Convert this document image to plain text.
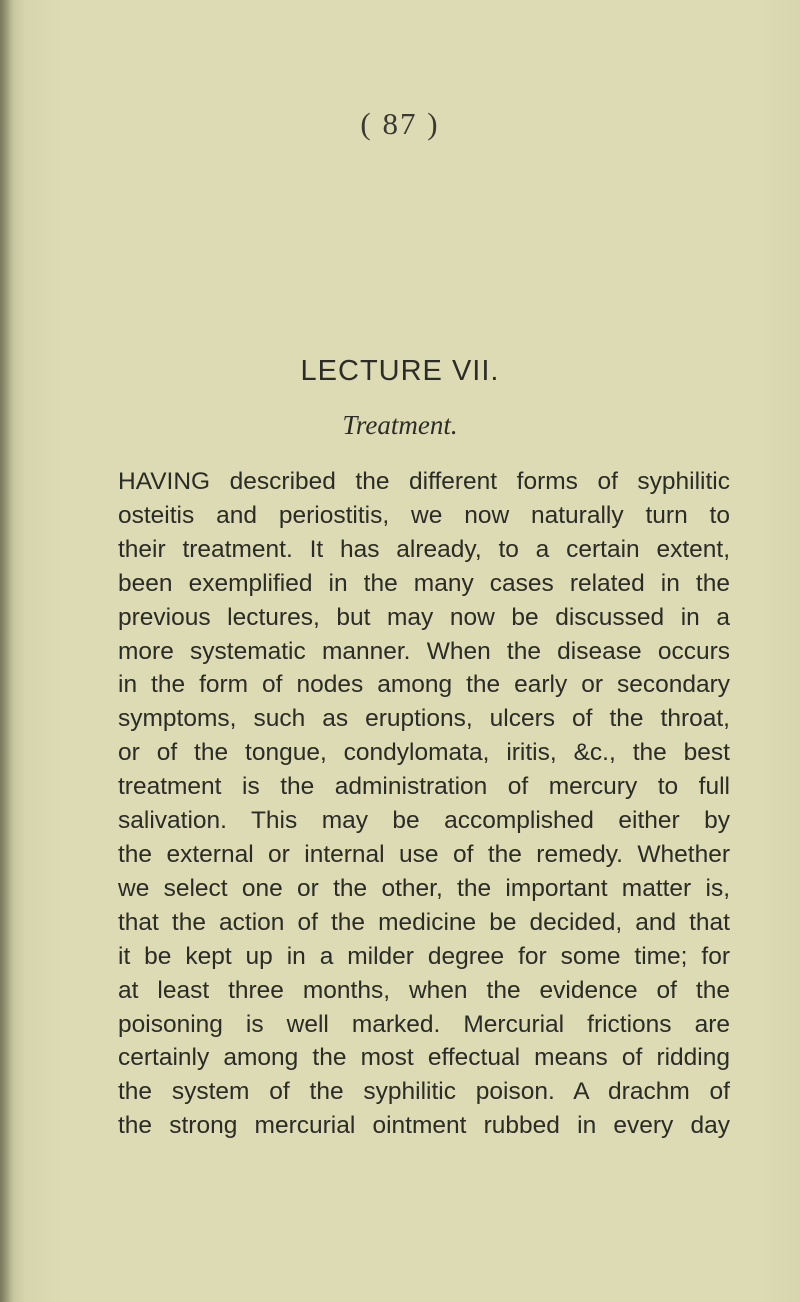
( 87 )
LECTURE VII.
Treatment.
HAVING described the different forms of syphilitic
osteitis and periostitis, we now naturally turn to
their treatment. It has already, to a certain extent,
been exemplified in the many cases related in the
previous lectures, but may now be discussed in a
more systematic manner. When the disease occurs
in the form of nodes among the early or secondary
symptoms, such as eruptions, ulcers of the throat,
or of the tongue, condylomata, iritis, &c., the best
treatment is the administration of mercury to full
salivation. This may be accomplished either by
the external or internal use of the remedy. Whether
we select one or the other, the important matter is,
that the action of the medicine be decided, and that
it be kept up in a milder degree for some time; for
at least three months, when the evidence of the
poisoning is well marked. Mercurial frictions are
certainly among the most effectual means of ridding
the system of the syphilitic poison. A drachm of
the strong mercurial ointment rubbed in every day
